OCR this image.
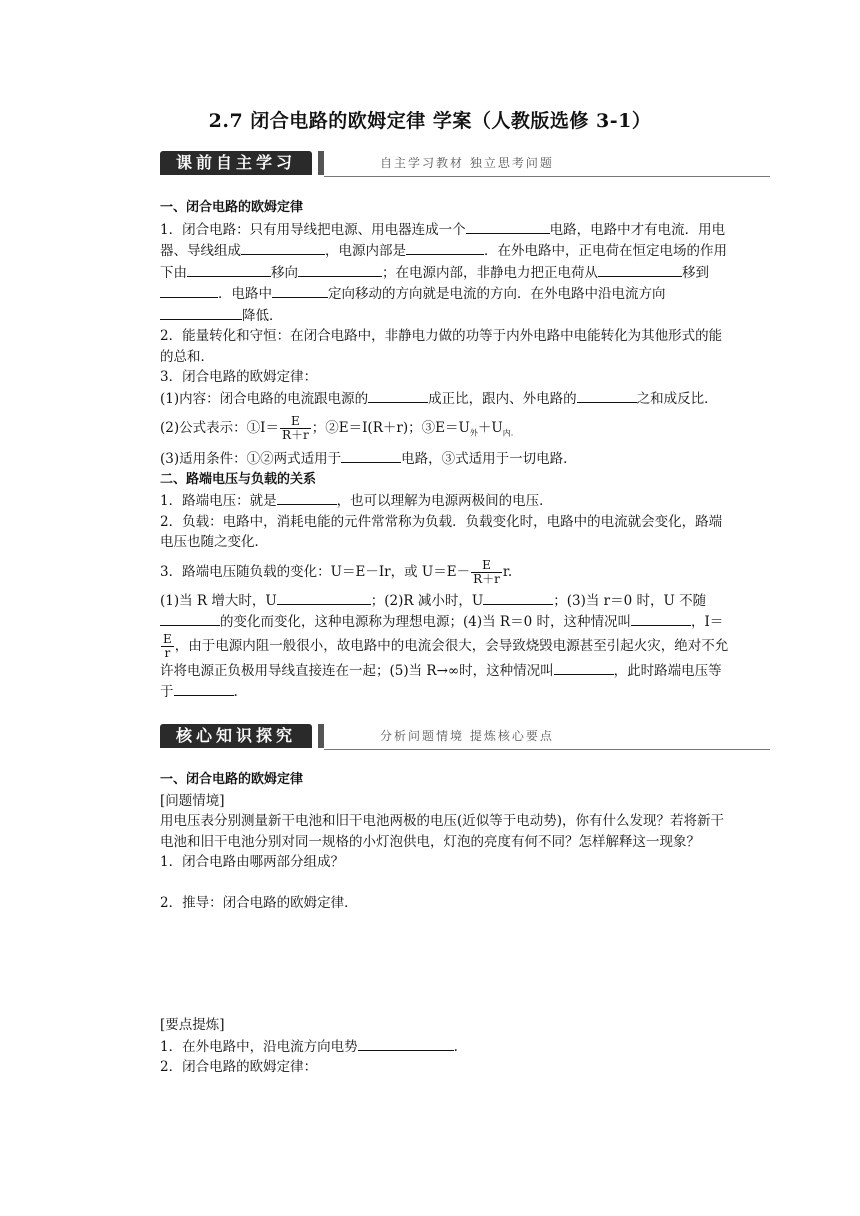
2.7 闭合电路的欧姆定律 学案（人教版选修 3-1）
课前自主学习	自主学习教材 独立思考问题

一、闭合电路的欧姆定律

1．闭合电路：只有用导线把电源、用电器连成一个	电路，电路中才有电流．用电器、导线组成	，电源内部是	．在外电路中，正电荷在恒定电场的作用下由	移向	；在电源内部，非静电力把正电荷从	移到．电路中	定向移动的方向就是电流的方向．在外电路中沿电流方向降低．

2．能量转化和守恒：在闭合电路中，非静电力做的功等于内外电路中电能转化为其他形式的能的总和．

3．闭合电路的欧姆定律：

(1)内容：闭合电路的电流跟电源的	成正比，跟内、外电路的	之和成反比．

(2)公式表示：①I＝ $\frac{E}{R+r}$ ；②E＝I(R＋r)；$③E=U_外+U_{内.}$

(3)适用条件：①②两式适用于	电路，③式适用于一切电路．

二、路端电压与负载的关系

1．路端电压：就是	，也可以理解为电源两极间的电压．

2．负载：电路中，消耗电能的元件常常称为负载．负载变化时，电路中的电流就会变化，路端电压也随之变化．

3．路端电压随负载的变化：U＝E－Ir，或 $U=E- \frac{E}{R+r} r$.

(1)当 R 增大时，U	；(2)R 减小时，U	；(3)当 r＝0 时，U 不随的变化而变化，这种电源称为理想电源；(4)当 R＝0 时，这种情况叫	，I＝
$\frac{E}{r}$ ，由于电源内阻一般很小，故电路中的电流会很大，会导致烧毁电源甚至引起火灾，绝对不允许将电源正负极用导线直接连在一起；(5)当 R→∞时，这种情况叫	，此时路端电压等于	.

核心知识探究	分析问题情境 提炼核心要点

一、闭合电路的欧姆定律

[问题情境]

用电压表分别测量新干电池和旧干电池两极的电压(近似等于电动势)，你有什么发现？若将新干电池和旧干电池分别对同一规格的小灯泡供电，灯泡的亮度有何不同？怎样解释这一现象？

1．闭合电路由哪两部分组成？

2．推导：闭合电路的欧姆定律．

[要点提炼]

1．在外电路中，沿电流方向电势	.

2．闭合电路的欧姆定律：
